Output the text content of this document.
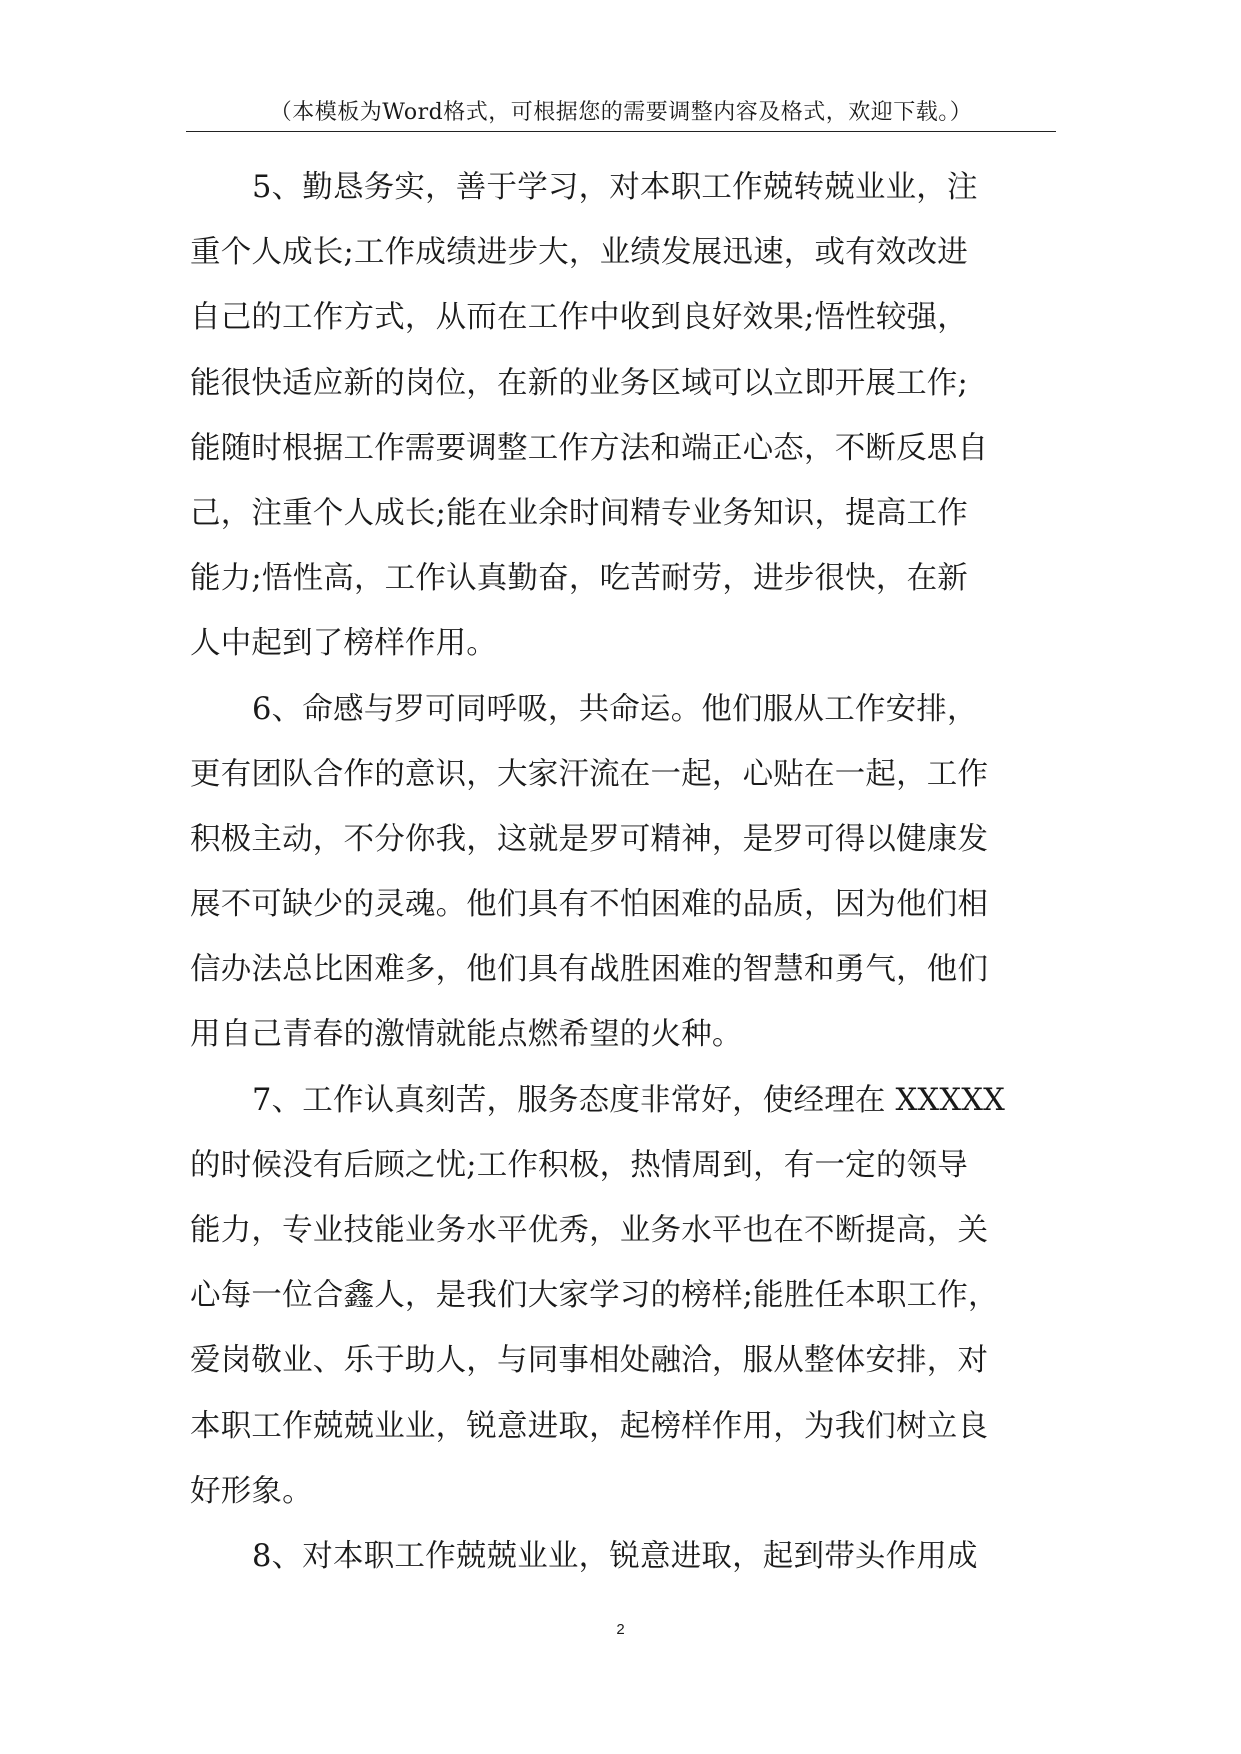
（本模板为Word格式，可根据您的需要调整内容及格式，欢迎下载。）
5、勤恳务实，善于学习，对本职工作兢转兢业业，注
重个人成长;工作成绩进步大，业绩发展迅速，或有效改进
自己的工作方式，从而在工作中收到良好效果;悟性较强，
能很快适应新的岗位，在新的业务区域可以立即开展工作;
能随时根据工作需要调整工作方法和端正心态，不断反思自
己，注重个人成长;能在业余时间精专业务知识，提高工作
能力;悟性高，工作认真勤奋，吃苦耐劳，进步很快，在新
人中起到了榜样作用。
6、命感与罗可同呼吸，共命运。他们服从工作安排，
更有团队合作的意识，大家汗流在一起，心贴在一起，工作
积极主动，不分你我，这就是罗可精神，是罗可得以健康发
展不可缺少的灵魂。他们具有不怕困难的品质，因为他们相
信办法总比困难多，他们具有战胜困难的智慧和勇气，他们
用自己青春的激情就能点燃希望的火种。
7、工作认真刻苦，服务态度非常好，使经理在 XXXXX
的时候没有后顾之忧;工作积极，热情周到，有一定的领导
能力，专业技能业务水平优秀，业务水平也在不断提高，关
心每一位合鑫人，是我们大家学习的榜样;能胜任本职工作，
爱岗敬业、乐于助人，与同事相处融洽，服从整体安排，对
本职工作兢兢业业，锐意进取，起榜样作用，为我们树立良
好形象。
8、对本职工作兢兢业业，锐意进取，起到带头作用成
2
